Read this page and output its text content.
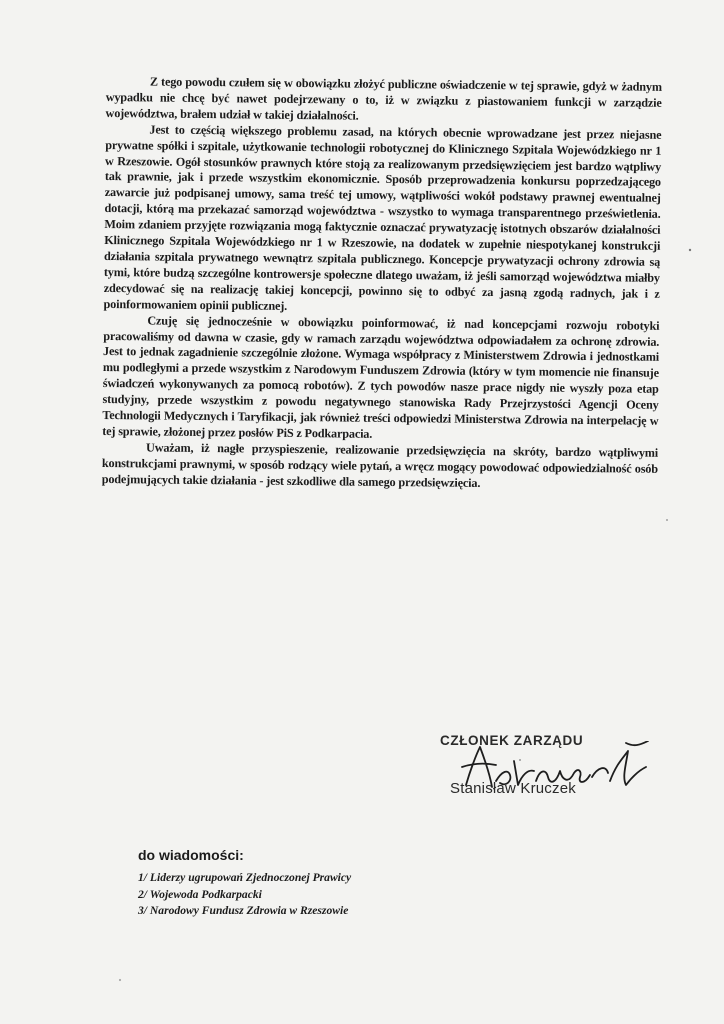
Z tego powodu czułem się w obowiązku złożyć publiczne oświadczenie w tej sprawie, gdyż w żadnym wypadku nie chcę być nawet podejrzewany o to, iż w związku z piastowaniem funkcji w zarządzie województwa, brałem udział w takiej działalności.

Jest to częścią większego problemu zasad, na których obecnie wprowadzane jest przez niejasne prywatne spółki i szpitale, użytkowanie technologii robotycznej do Klinicznego Szpitala Wojewódzkiego nr 1 w Rzeszowie. Ogół stosunków prawnych które stoją za realizowanym przedsięwzięciem jest bardzo wątpliwy tak prawnie, jak i przede wszystkim ekonomicznie. Sposób przeprowadzenia konkursu poprzedzającego zawarcie już podpisanej umowy, sama treść tej umowy, wątpliwości wokół podstawy prawnej ewentualnej dotacji, którą ma przekazać samorząd województwa - wszystko to wymaga transparentnego prześwietlenia. Moim zdaniem przyjęte rozwiązania mogą faktycznie oznaczać prywatyzację istotnych obszarów działalności Klinicznego Szpitala Wojewódzkiego nr 1 w Rzeszowie, na dodatek w zupełnie niespotykanej konstrukcji działania szpitala prywatnego wewnątrz szpitala publicznego. Koncepcje prywatyzacji ochrony zdrowia są tymi, które budzą szczególne kontrowersje społeczne dlatego uważam, iż jeśli samorząd województwa miałby zdecydować się na realizację takiej koncepcji, powinno się to odbyć za jasną zgodą radnych, jak i z poinformowaniem opinii publicznej.

Czuję się jednocześnie w obowiązku poinformować, iż nad koncepcjami rozwoju robotyki pracowaliśmy od dawna w czasie, gdy w ramach zarządu województwa odpowiadałem za ochronę zdrowia. Jest to jednak zagadnienie szczególnie złożone. Wymaga współpracy z Ministerstwem Zdrowia i jednostkami mu podległymi a przede wszystkim z Narodowym Funduszem Zdrowia (który w tym momencie nie finansuje świadczeń wykonywanych za pomocą robotów). Z tych powodów nasze prace nigdy nie wyszły poza etap studyjny, przede wszystkim z powodu negatywnego stanowiska Rady Przejrzystości Agencji Oceny Technologii Medycznych i Taryfikacji, jak również treści odpowiedzi Ministerstwa Zdrowia na interpelację w tej sprawie, złożonej przez posłów PiS z Podkarpacia.

Uważam, iż nagłe przyspieszenie, realizowanie przedsięwzięcia na skróty, bardzo wątpliwymi konstrukcjami prawnymi, w sposób rodzący wiele pytań, a wręcz mogący powodować odpowiedzialność osób podejmujących takie działania - jest szkodliwe dla samego przedsięwzięcia.

CZŁONEK ZARZĄDU
Stanisław Kruczek
do wiadomości:
1/ Liderzy ugrupowań Zjednoczonej Prawicy
2/ Wojewoda Podkarpacki
3/ Narodowy Fundusz Zdrowia w Rzeszowie
